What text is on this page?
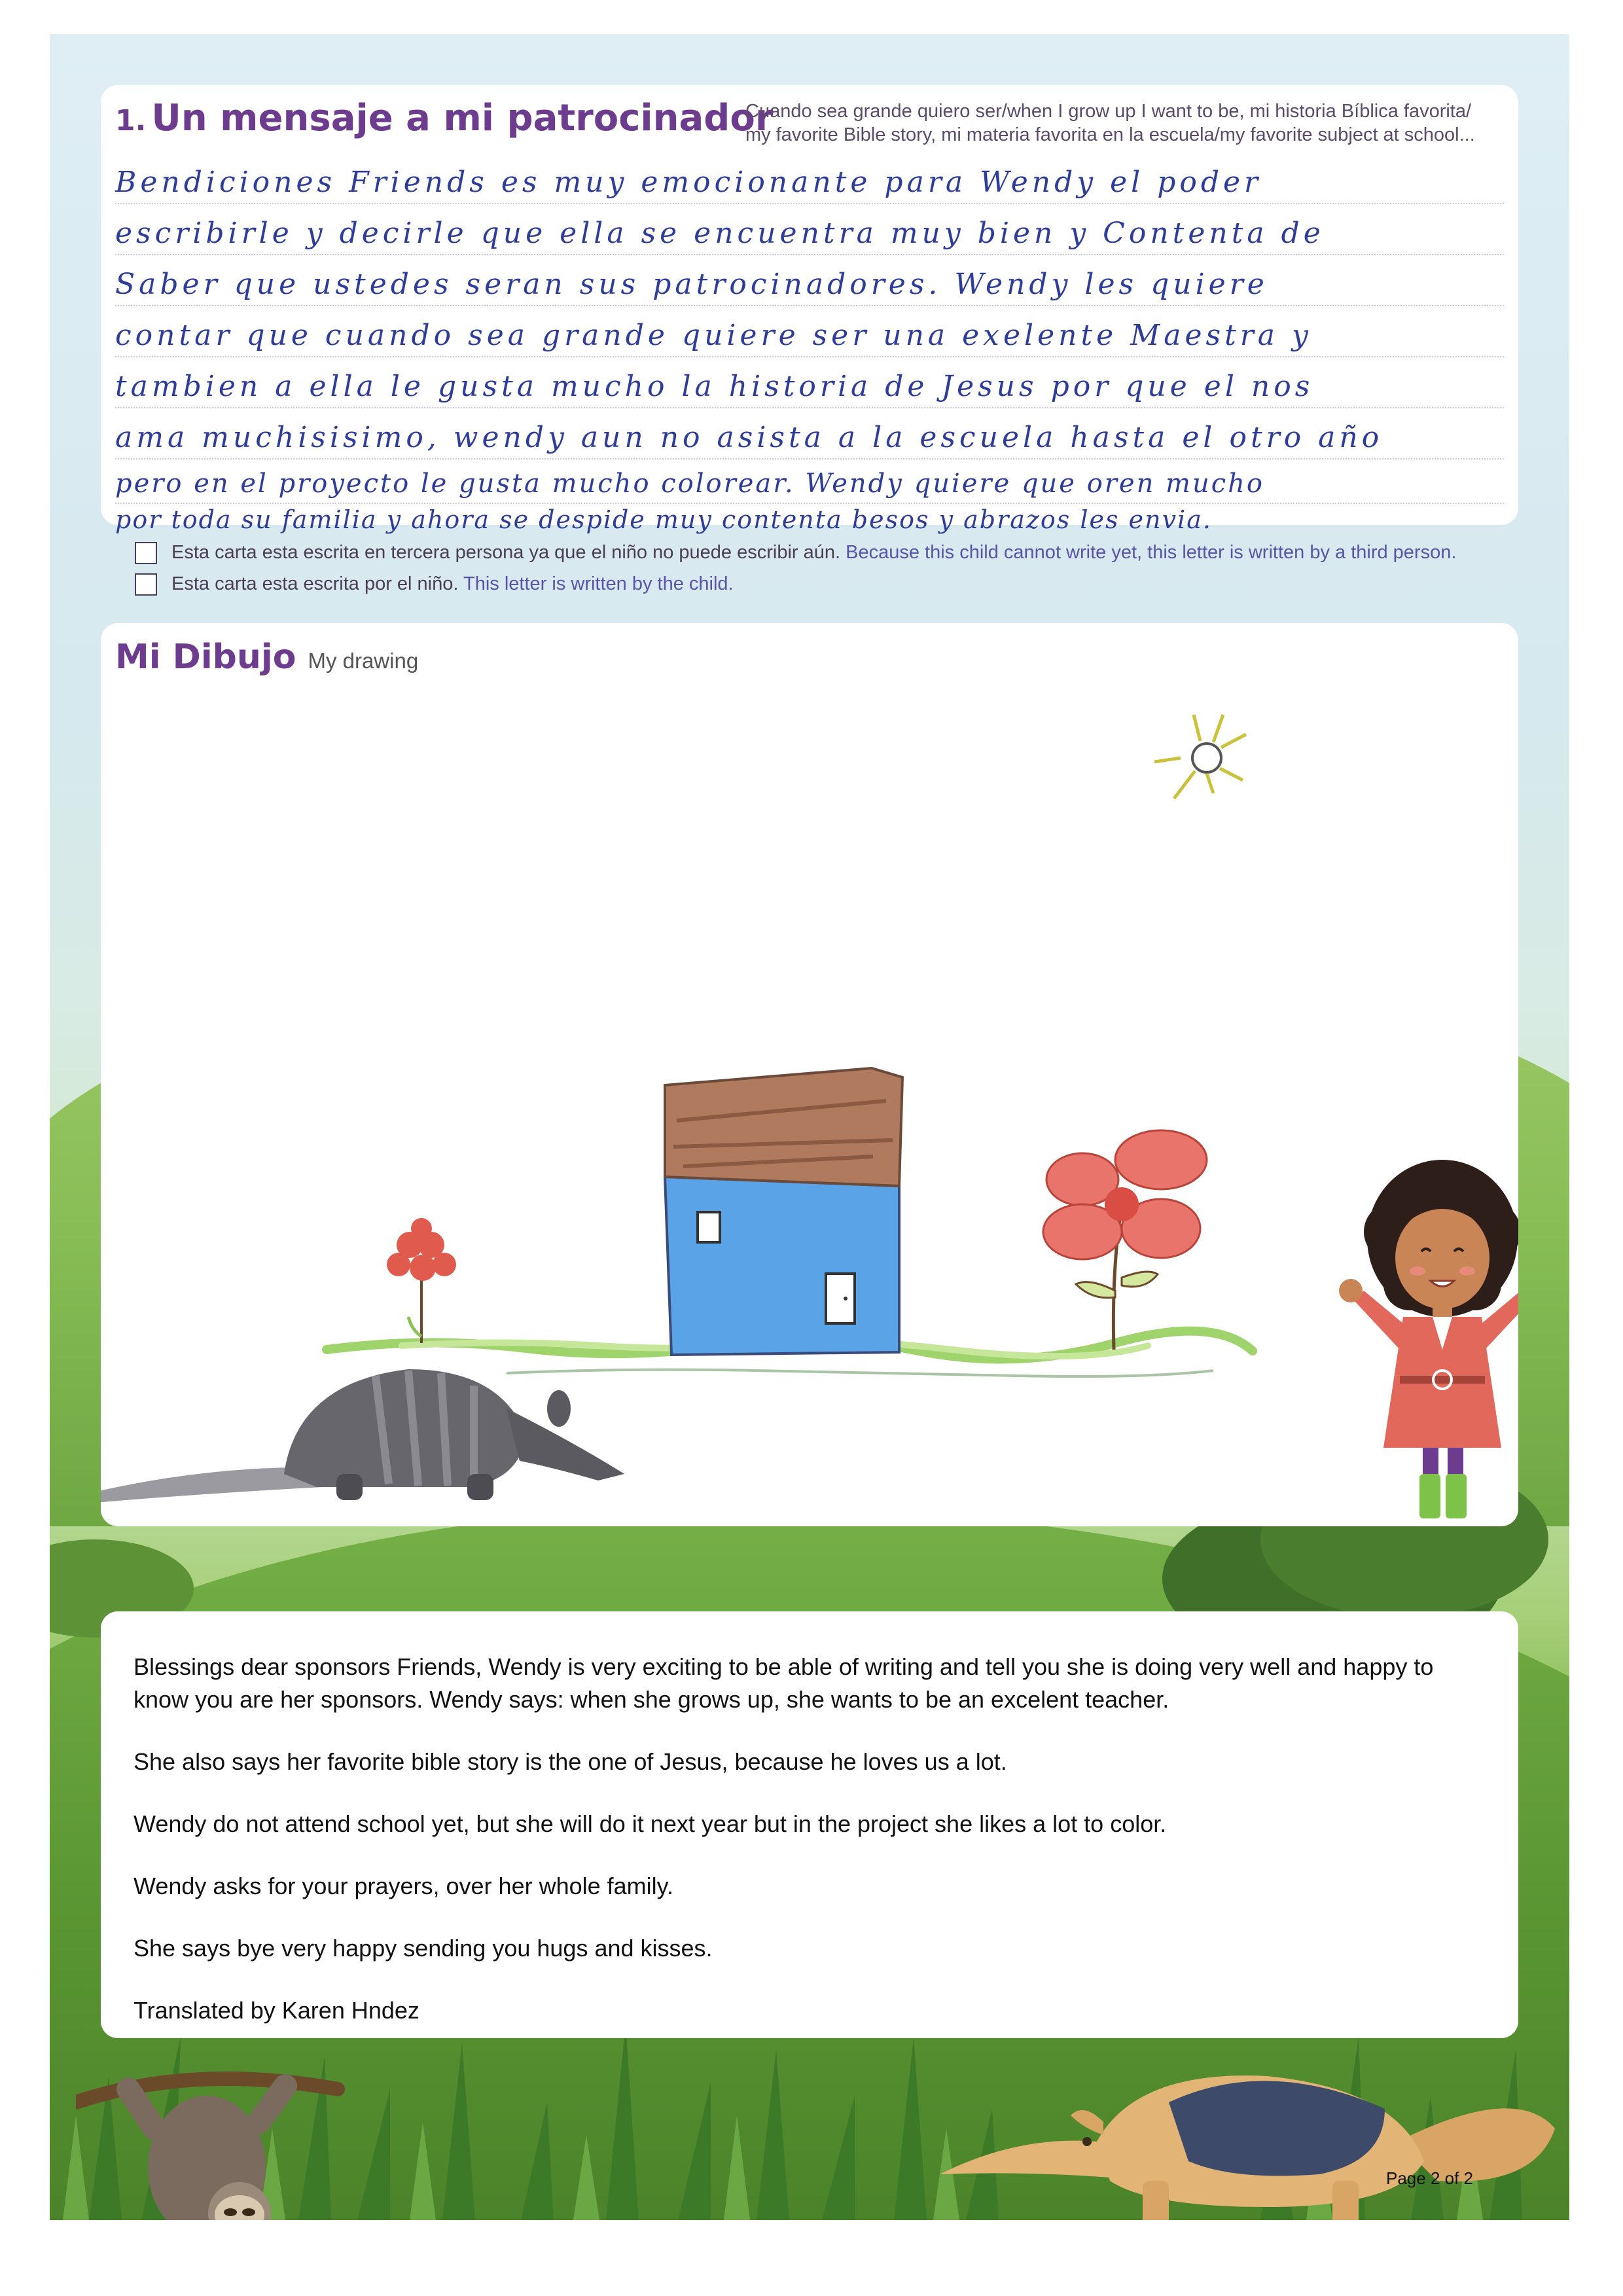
1. Un mensaje a mi patrocinador
Cuando sea grande quiero ser/when I grow up I want to be, mi historia Bíblica favorita/
my favorite Bible story, mi materia favorita en la escuela/my favorite subject at school...
Bendiciones Friends es muy emocionante para Wendy el poder
escribirle y decirle que ella se encuentra muy bien y Contenta de
Saber que ustedes seran sus patrocinadores. Wendy les quiere
contar que cuando sea grande quiere ser una exelente Maestra y
tambien a ella le gusta mucho la historia de Jesus por que el nos
ama muchisisimo, wendy aun no asista a la escuela hasta el otro año
pero en el proyecto le gusta mucho colorear. Wendy quiere que oren mucho
por toda su familia y ahora se despide muy contenta besos y abrazos les envia.
Esta carta esta escrita en tercera persona ya que el niño no puede escribir aún. Because this child cannot write yet, this letter is written by a third person.
Esta carta esta escrita por el niño. This letter is written by the child.
Mi Dibujo My drawing

Blessings dear sponsors Friends, Wendy is very exciting to be able of writing and tell you she is doing very well and happy to know you are her sponsors. Wendy says: when she grows up, she wants to be an excelent teacher.

She also says her favorite bible story is the one of Jesus, because he loves us a lot.

Wendy do not attend school yet, but she will do it next year but in the project she likes a lot to color.

Wendy asks for your prayers, over her whole family.

She says bye very happy sending you hugs and kisses.

Translated by Karen Hndez

Page 2 of 2
